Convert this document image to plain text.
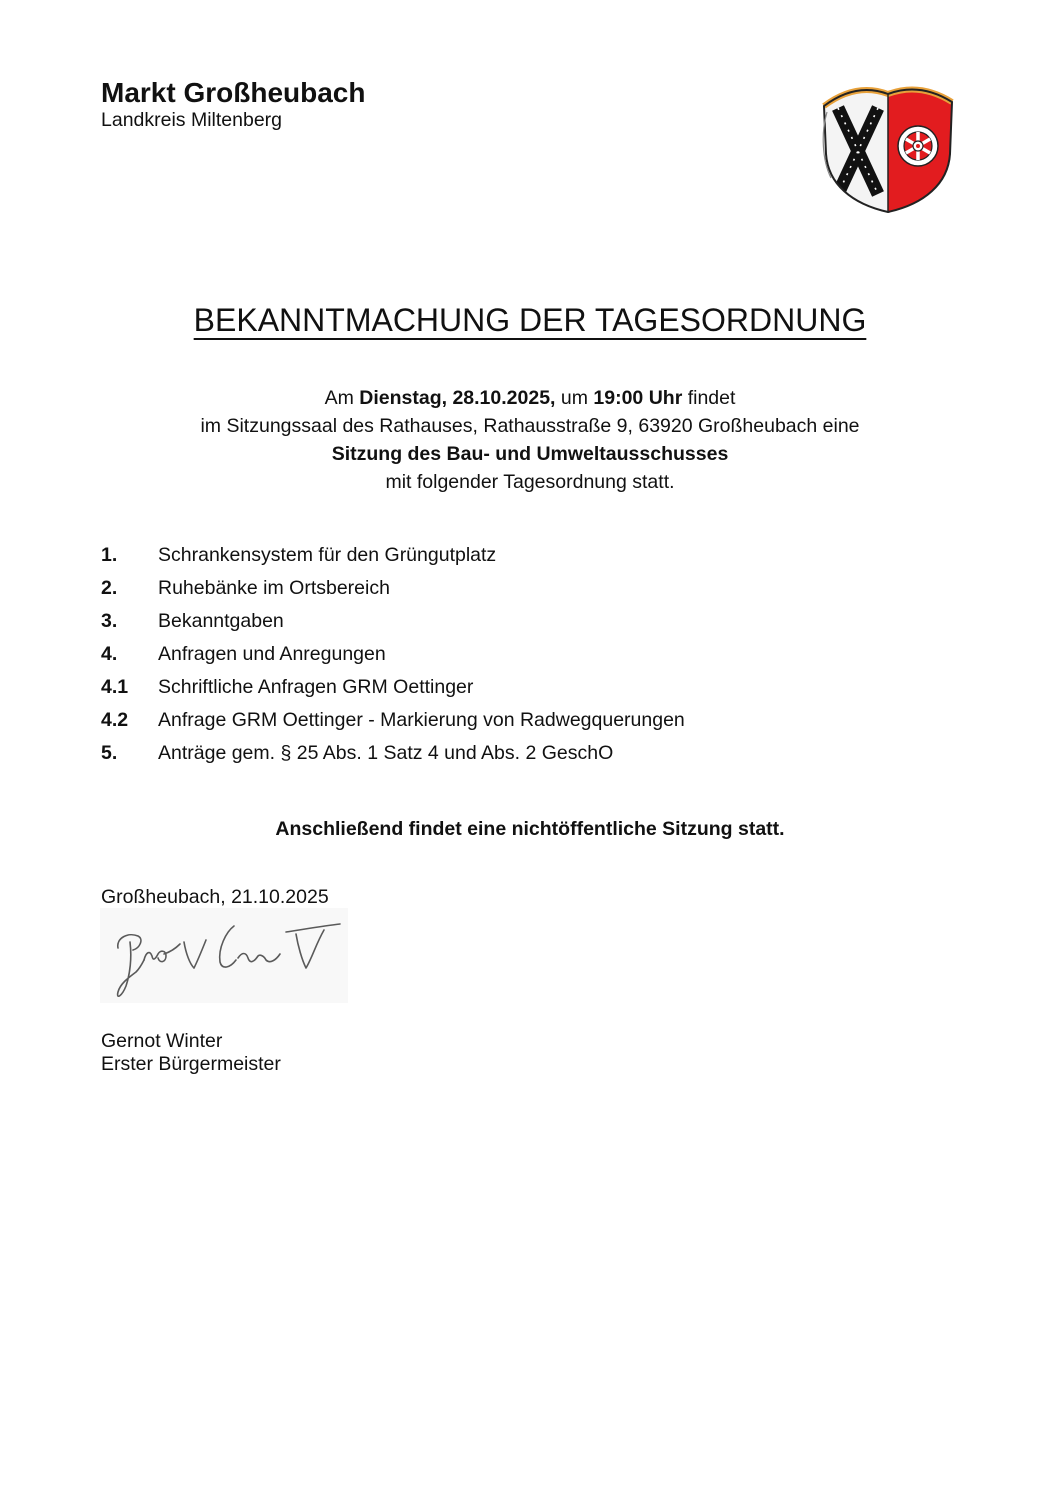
Markt Großheubach
Landkreis Miltenberg
BEKANNTMACHUNG DER TAGESORDNUNG
Am Dienstag, 28.10.2025, um 19:00 Uhr findet
im Sitzungssaal des Rathauses, Rathausstraße 9, 63920 Großheubach eine
Sitzung des Bau- und Umweltausschusses
mit folgender Tagesordnung statt.
1. Schrankensystem für den Grüngutplatz
2. Ruhebänke im Ortsbereich
3. Bekanntgaben
4. Anfragen und Anregungen
4.1 Schriftliche Anfragen GRM Oettinger
4.2 Anfrage GRM Oettinger - Markierung von Radwegquerungen
5. Anträge gem. § 25 Abs. 1 Satz 4 und Abs. 2 GeschO
Anschließend findet eine nichtöffentliche Sitzung statt.
Großheubach, 21.10.2025
Gernot Winter
Erster Bürgermeister
